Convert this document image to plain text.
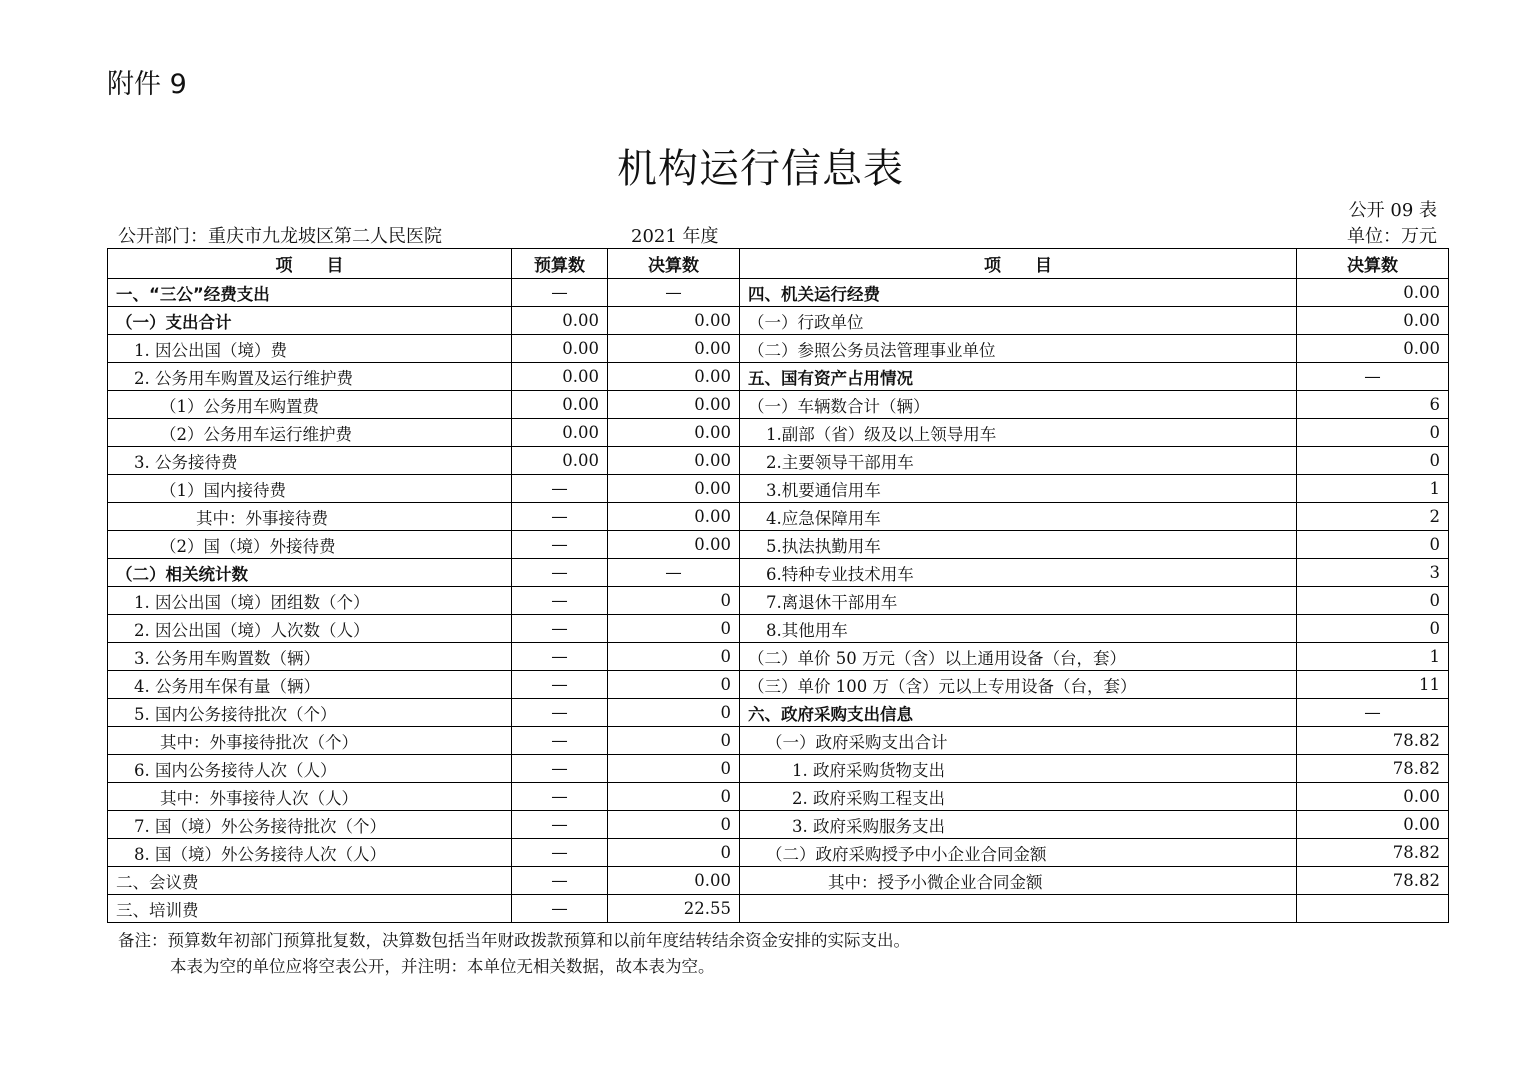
附件 9
机构运行信息表
公开 09 表
公开部门：重庆市九龙坡区第二人民医院	2021 年度	单位：万元
项　　目	预算数	决算数	项　　目	决算数
一、“三公”经费支出	—	—	四、机关运行经费	0.00
（一）支出合计	0.00	0.00	（一）行政单位	0.00
1. 因公出国（境）费	0.00	0.00	（二）参照公务员法管理事业单位	0.00
2. 公务用车购置及运行维护费	0.00	0.00	五、国有资产占用情况	—
（1）公务用车购置费	0.00	0.00	（一）车辆数合计（辆）	6
（2）公务用车运行维护费	0.00	0.00	1.副部（省）级及以上领导用车	0
3. 公务接待费	0.00	0.00	2.主要领导干部用车	0
（1）国内接待费	—	0.00	3.机要通信用车	1
其中：外事接待费	—	0.00	4.应急保障用车	2
（2）国（境）外接待费	—	0.00	5.执法执勤用车	0
（二）相关统计数	—	—	6.特种专业技术用车	3
1. 因公出国（境）团组数（个）	—	0	7.离退休干部用车	0
2. 因公出国（境）人次数（人）	—	0	8.其他用车	0
3. 公务用车购置数（辆）	—	0	（二）单价 50 万元（含）以上通用设备（台，套）	1
4. 公务用车保有量（辆）	—	0	（三）单价 100 万（含）元以上专用设备（台，套）	11
5. 国内公务接待批次（个）	—	0	六、政府采购支出信息	—
其中：外事接待批次（个）	—	0	（一）政府采购支出合计	78.82
6. 国内公务接待人次（人）	—	0	1. 政府采购货物支出	78.82
其中：外事接待人次（人）	—	0	2. 政府采购工程支出	0.00
7. 国（境）外公务接待批次（个）	—	0	3. 政府采购服务支出	0.00
8. 国（境）外公务接待人次（人）	—	0	（二）政府采购授予中小企业合同金额	78.82
二、会议费	—	0.00	其中：授予小微企业合同金额	78.82
三、培训费	—	22.55		
备注：预算数年初部门预算批复数，决算数包括当年财政拨款预算和以前年度结转结余资金安排的实际支出。
本表为空的单位应将空表公开，并注明：本单位无相关数据，故本表为空。
